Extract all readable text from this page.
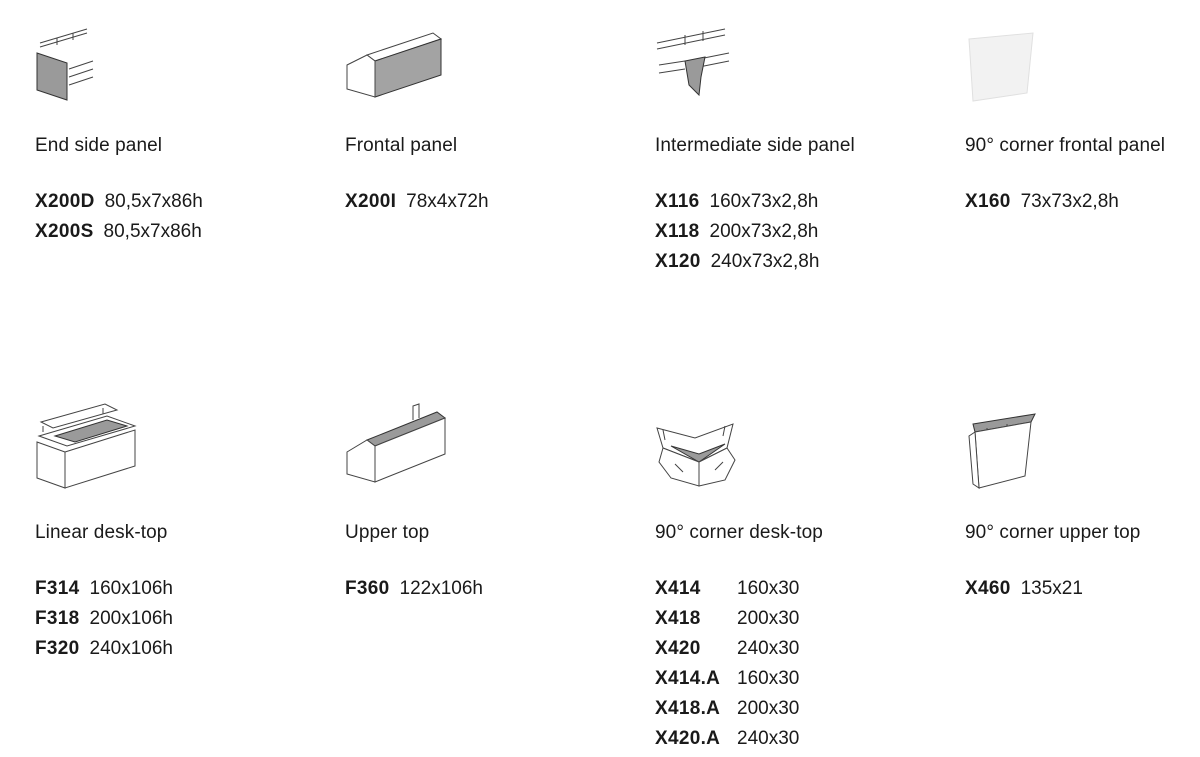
End side panel
X200D 80,5x7x86h
X200S 80,5x7x86h
Frontal panel
X200I 78x4x72h
Intermediate side panel
X116 160x73x2,8h
X118 200x73x2,8h
X120 240x73x2,8h
90° corner frontal panel
X160 73x73x2,8h
Linear desk-top
F314 160x106h
F318 200x106h
F320 240x106h
Upper top
F360 122x106h
90° corner desk-top
X414	160x30
X418	200x30
X420	240x30
X414.A 160x30
X418.A 200x30
X420.A 240x30
90° corner upper top
X460 135x21
